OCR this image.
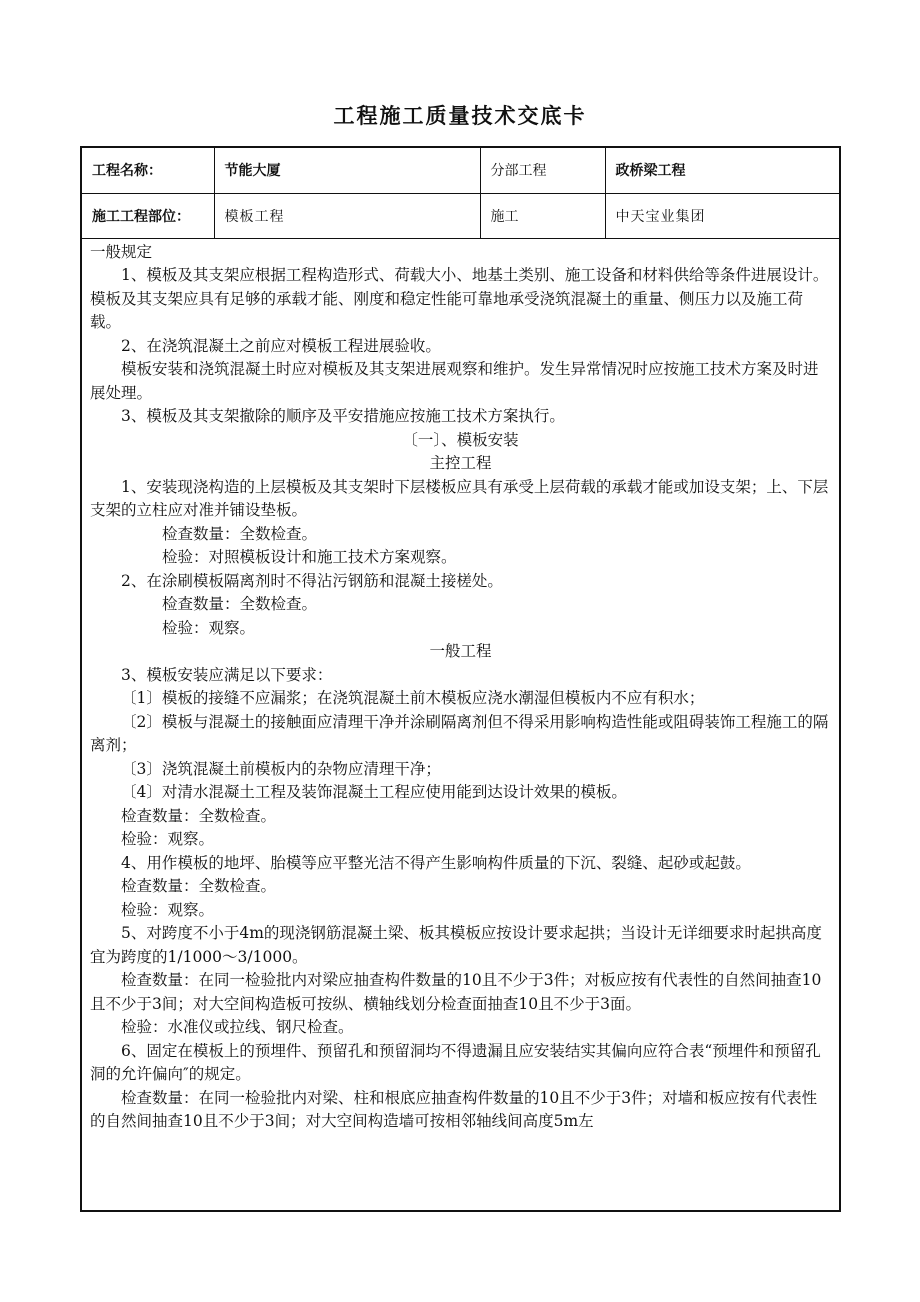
工程施工质量技术交底卡
工程名称：	节能大厦	分部工程	政桥梁工程
施工工程部位：	模板工程	施工	中天宝业集团

一般规定

1、模板及其支架应根据工程构造形式、荷载大小、地基土类别、施工设备和材料供给等条件进展设计。模板及其支架应具有足够的承载才能、刚度和稳定性能可靠地承受浇筑混凝土的重量、侧压力以及施工荷载。

2、在浇筑混凝土之前应对模板工程进展验收。

模板安装和浇筑混凝土时应对模板及其支架进展观察和维护。发生异常情况时应按施工技术方案及时进展处理。

3、模板及其支架撤除的顺序及平安措施应按施工技术方案执行。

〔一〕、模板安装

主控工程

1、安装现浇构造的上层模板及其支架时下层楼板应具有承受上层荷载的承载才能或加设支架；上、下层支架的立柱应对准并铺设垫板。

检查数量：全数检查。

检验：对照模板设计和施工技术方案观察。

2、在涂刷模板隔离剂时不得沾污钢筋和混凝土接槎处。

检查数量：全数检查。

检验：观察。

一般工程

3、模板安装应满足以下要求：

〔1〕模板的接缝不应漏浆；在浇筑混凝土前木模板应浇水潮湿但模板内不应有积水；

〔2〕模板与混凝土的接触面应清理干净并涂刷隔离剂但不得采用影响构造性能或阻碍装饰工程施工的隔离剂；

〔3〕浇筑混凝土前模板内的杂物应清理干净；

〔4〕对清水混凝土工程及装饰混凝土工程应使用能到达设计效果的模板。

检查数量：全数检查。

检验：观察。

4、用作模板的地坪、胎模等应平整光洁不得产生影响构件质量的下沉、裂缝、起砂或起鼓。

检查数量：全数检查。

检验：观察。

5、对跨度不小于4m的现浇钢筋混凝土梁、板其模板应按设计要求起拱；当设计无详细要求时起拱高度宜为跨度的1/1000～3/1000。

检查数量：在同一检验批内对梁应抽查构件数量的10且不少于3件；对板应按有代表性的自然间抽查10且不少于3间；对大空间构造板可按纵、横轴线划分检查面抽查10且不少于3面。

检验：水准仪或拉线、钢尺检查。

6、固定在模板上的预埋件、预留孔和预留洞均不得遗漏且应安装结实其偏向应符合表“预埋件和预留孔洞的允许偏向″的规定。

检查数量：在同一检验批内对梁、柱和根底应抽查构件数量的10且不少于3件；对墙和板应按有代表性的自然间抽查10且不少于3间；对大空间构造墙可按相邻轴线间高度5m左
